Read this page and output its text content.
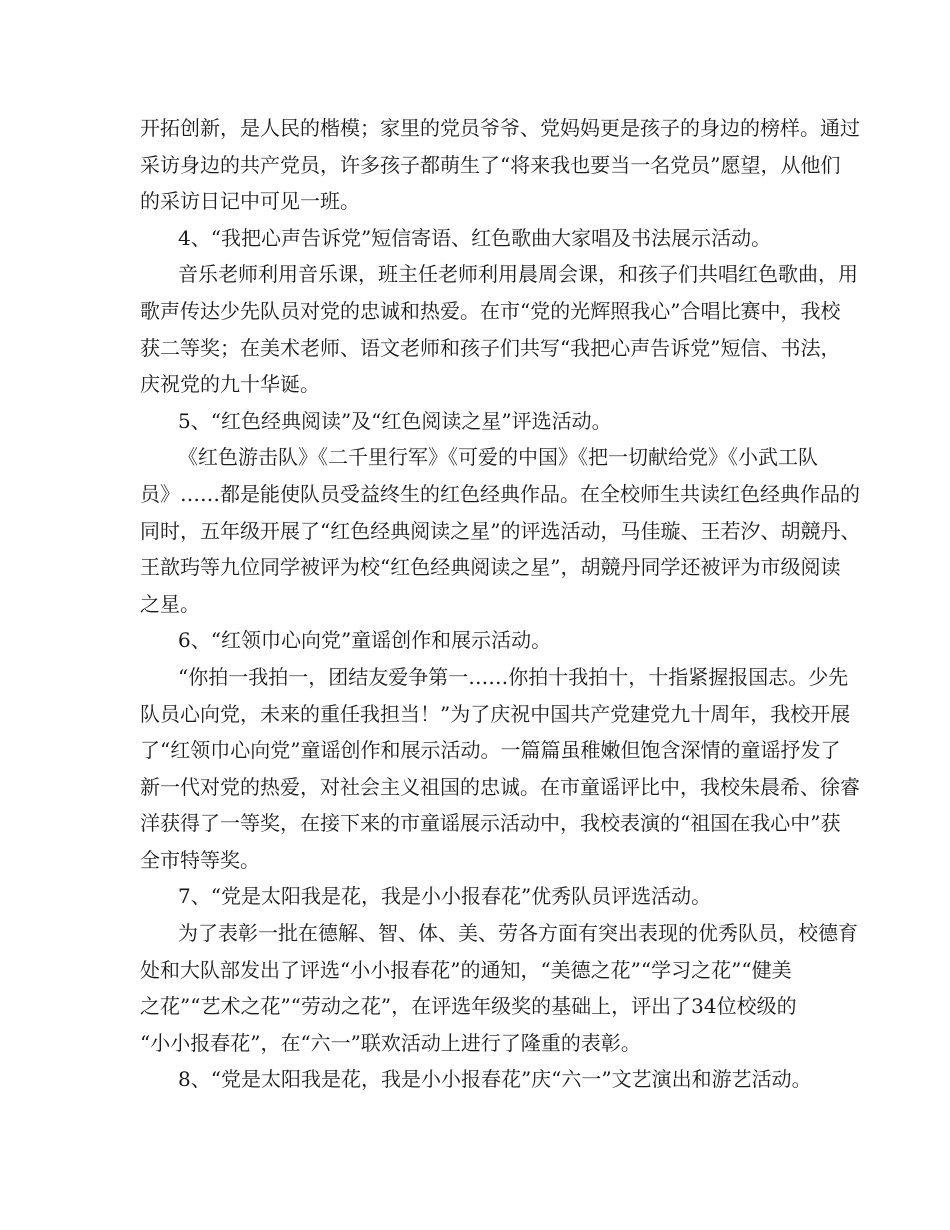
开拓创新，是人民的楷模；家里的党员爷爷、党妈妈更是孩子的身边的榜样。通过
采访身边的共产党员，许多孩子都萌生了“将来我也要当一名党员”愿望，从他们
的采访日记中可见一班。
4、“我把心声告诉党”短信寄语、红色歌曲大家唱及书法展示活动。
音乐老师利用音乐课，班主任老师利用晨周会课，和孩子们共唱红色歌曲，用
歌声传达少先队员对党的忠诚和热爱。在市“党的光辉照我心”合唱比赛中，我校
获二等奖；在美术老师、语文老师和孩子们共写“我把心声告诉党”短信、书法，
庆祝党的九十华诞。
5、“红色经典阅读”及“红色阅读之星”评选活动。
《红色游击队》《二千里行军》《可爱的中国》《把一切献给党》《小武工队
员》……都是能使队员受益终生的红色经典作品。在全校师生共读红色经典作品的
同时，五年级开展了“红色经典阅读之星”的评选活动，马佳璇、王若汐、胡競丹、
王歆玙等九位同学被评为校“红色经典阅读之星”，胡競丹同学还被评为市级阅读
之星。
6、“红领巾心向党”童谣创作和展示活动。
“你拍一我拍一，团结友爱争第一……你拍十我拍十，十指紧握报国志。少先
队员心向党，未来的重任我担当！”为了庆祝中国共产党建党九十周年，我校开展
了“红领巾心向党”童谣创作和展示活动。一篇篇虽稚嫩但饱含深情的童谣抒发了
新一代对党的热爱，对社会主义祖国的忠诚。在市童谣评比中，我校朱晨希、徐睿
洋获得了一等奖，在接下来的市童谣展示活动中，我校表演的“祖国在我心中”获
全市特等奖。
7、“党是太阳我是花，我是小小报春花”优秀队员评选活动。
为了表彰一批在德解、智、体、美、劳各方面有突出表现的优秀队员，校德育
处和大队部发出了评选“小小报春花”的通知，“美德之花”“学习之花”“健美
之花”“艺术之花”“劳动之花”，在评选年级奖的基础上，评出了34位校级的
“小小报春花”，在“六一”联欢活动上进行了隆重的表彰。
8、“党是太阳我是花，我是小小报春花”庆“六一”文艺演出和游艺活动。
